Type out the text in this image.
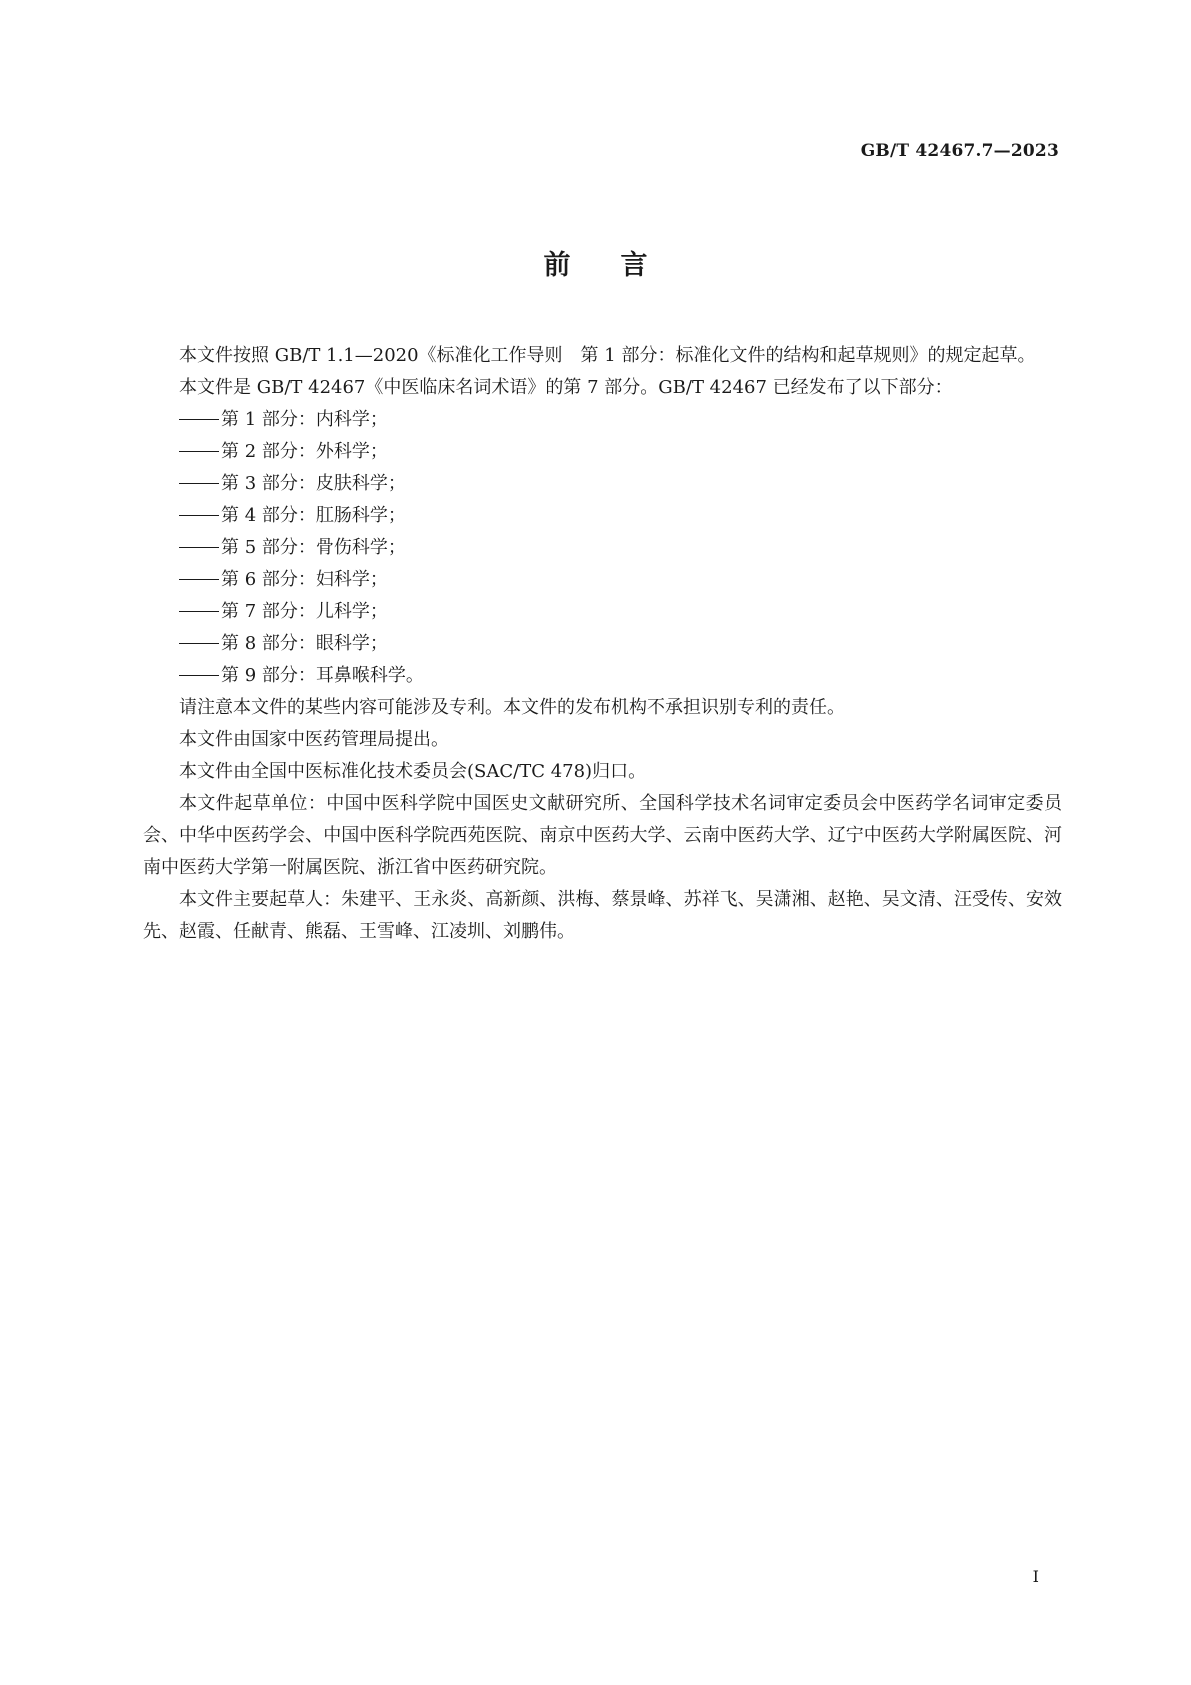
GB/T 42467.7—2023
前言

本文件按照 GB/T 1.1—2020《标准化工作导则　第 1 部分：标准化文件的结构和起草规则》的规定起草。

本文件是 GB/T 42467《中医临床名词术语》的第 7 部分。GB/T 42467 已经发布了以下部分：

第 1 部分：内科学；

第 2 部分：外科学；

第 3 部分：皮肤科学；

第 4 部分：肛肠科学；

第 5 部分：骨伤科学；

第 6 部分：妇科学；

第 7 部分：儿科学；

第 8 部分：眼科学；

第 9 部分：耳鼻喉科学。

请注意本文件的某些内容可能涉及专利。本文件的发布机构不承担识别专利的责任。

本文件由国家中医药管理局提出。

本文件由全国中医标准化技术委员会(SAC/TC 478)归口。

本文件起草单位：中国中医科学院中国医史文献研究所、全国科学技术名词审定委员会中医药学名词审定委员会、中华中医药学会、中国中医科学院西苑医院、南京中医药大学、云南中医药大学、辽宁中医药大学附属医院、河南中医药大学第一附属医院、浙江省中医药研究院。

本文件主要起草人：朱建平、王永炎、高新颜、洪梅、蔡景峰、苏祥飞、吴潇湘、赵艳、吴文清、汪受传、安效先、赵霞、任献青、熊磊、王雪峰、江凌圳、刘鹏伟。

I
